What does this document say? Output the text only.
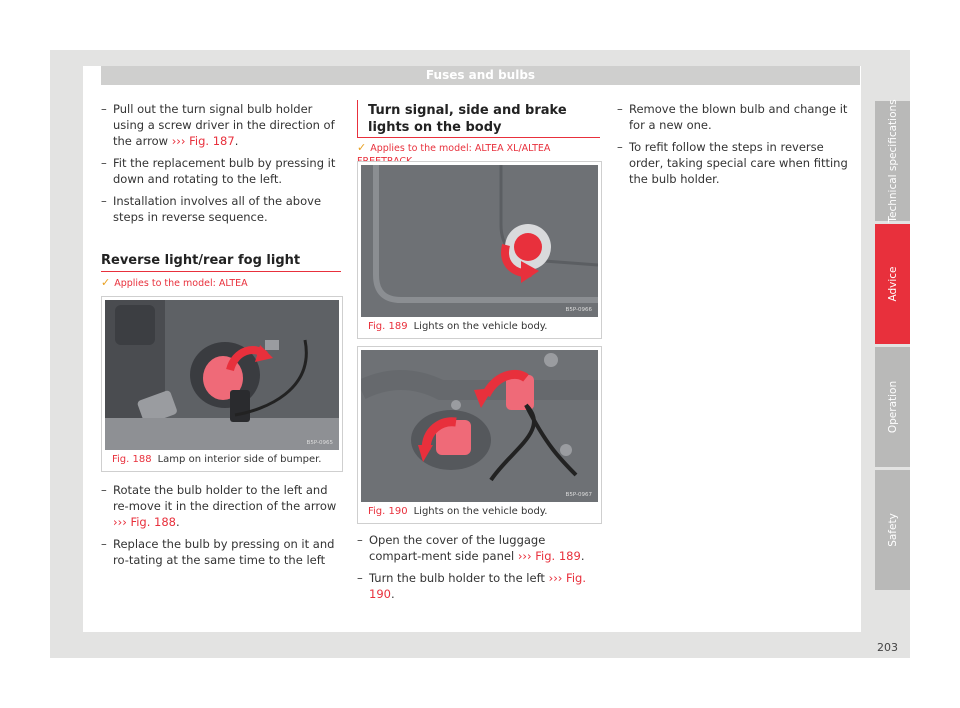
Fuses and bulbs
– Pull out the turn signal bulb holder using a screw driver in the direction of the arrow ››› Fig. 187.
– Fit the replacement bulb by pressing it down and rotating to the left.
– Installation involves all of the above steps in reverse sequence.
Reverse light/rear fog light
✓ Applies to the model: ALTEA
B5P-0965
Fig. 188 Lamp on interior side of bumper.
– Rotate the bulb holder to the left and re-move it in the direction of the arrow ››› Fig. 188.
– Replace the bulb by pressing on it and ro-tating at the same time to the left
Turn signal, side and brake lights on the body
✓ Applies to the model: ALTEA XL/ALTEA
B5P-0966
Fig. 189 Lights on the vehicle body.
B5P-0967
Fig. 190 Lights on the vehicle body.
– Open the cover of the luggage compart-ment side panel ››› Fig. 189.
– Turn the bulb holder to the left ››› Fig. 190.
– Remove the blown bulb and change it for a new one.
– To refit follow the steps in reverse order, taking special care when fitting the bulb holder.	Technical specifications
Advice
Operation
Safety
203
